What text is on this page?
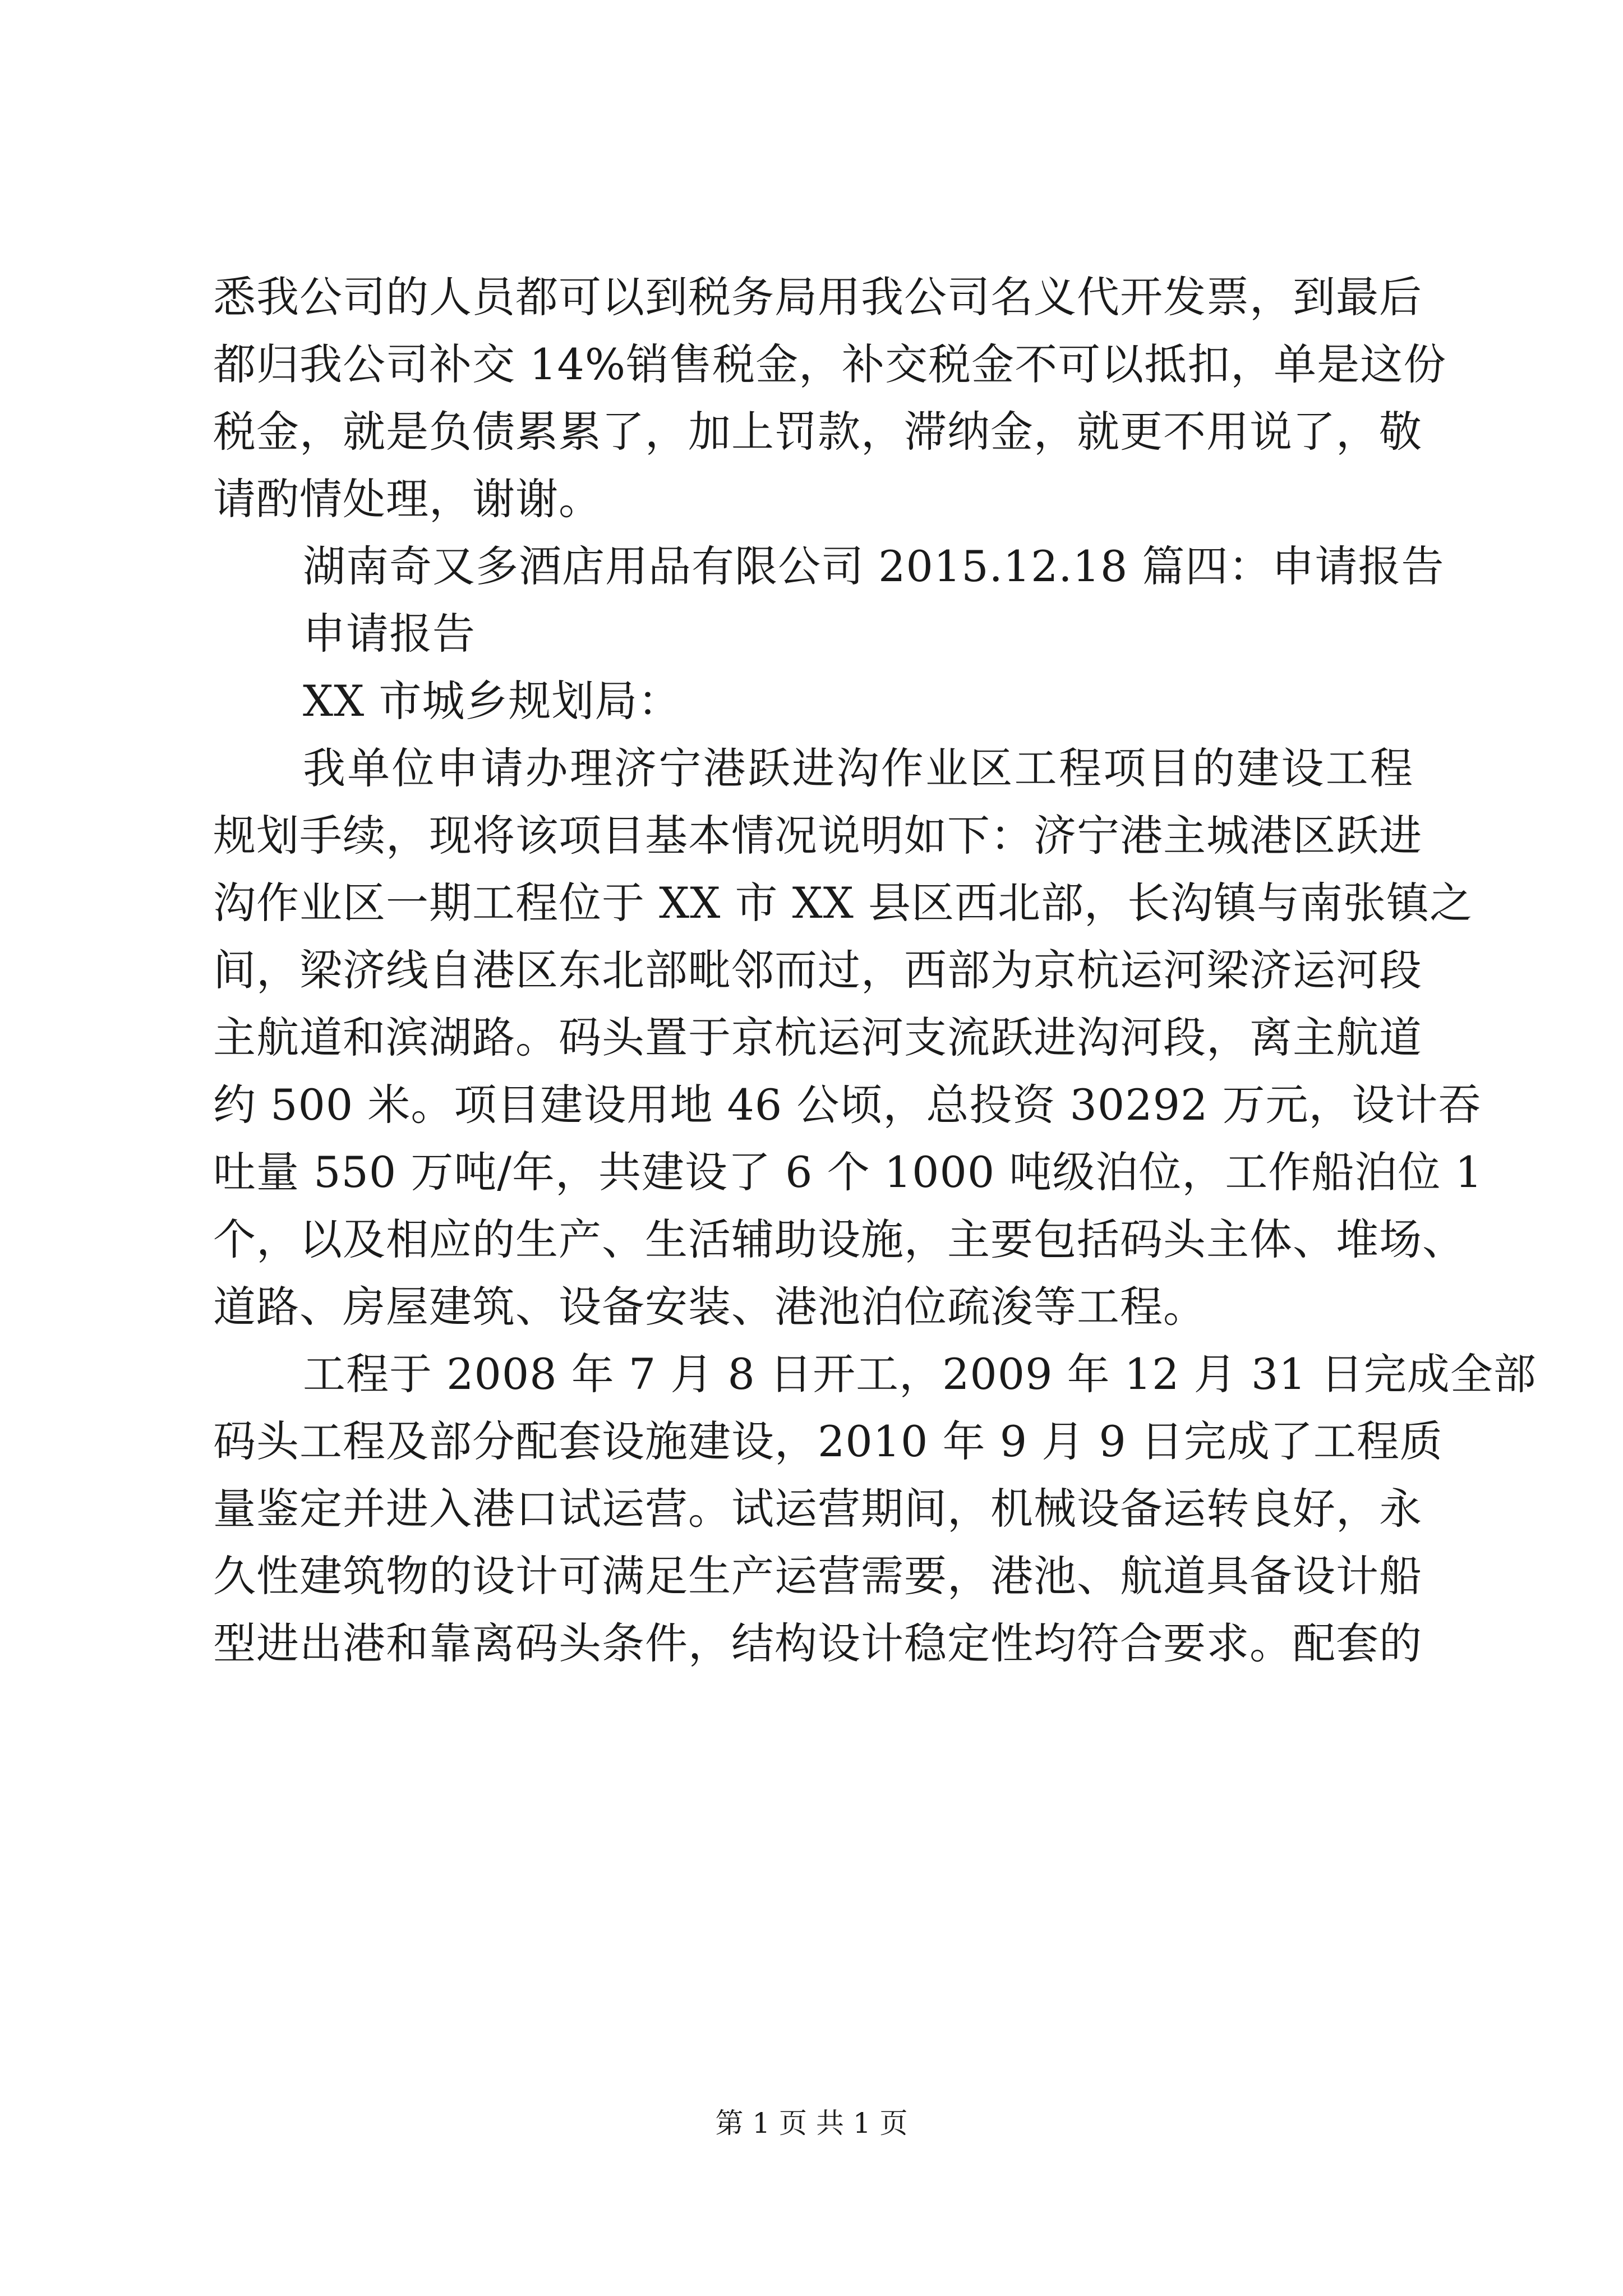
悉我公司的人员都可以到税务局用我公司名义代开发票，到最后
都归我公司补交 14%销售税金，补交税金不可以抵扣，单是这份
税金，就是负债累累了，加上罚款，滞纳金，就更不用说了，敬
请酌情处理，谢谢。
湖南奇又多酒店用品有限公司 2015.12.18 篇四：申请报告
申请报告
XX 市城乡规划局：
我单位申请办理济宁港跃进沟作业区工程项目的建设工程
规划手续，现将该项目基本情况说明如下：济宁港主城港区跃进
沟作业区一期工程位于 XX 市 XX 县区西北部，长沟镇与南张镇之
间，梁济线自港区东北部毗邻而过，西部为京杭运河梁济运河段
主航道和滨湖路。码头置于京杭运河支流跃进沟河段，离主航道
约 500 米。项目建设用地 46 公顷，总投资 30292 万元，设计吞
吐量 550 万吨/年，共建设了 6 个 1000 吨级泊位，工作船泊位 1
个，以及相应的生产、生活辅助设施，主要包括码头主体、堆场、
道路、房屋建筑、设备安装、港池泊位疏浚等工程。
工程于 2008 年 7 月 8 日开工，2009 年 12 月 31 日完成全部
码头工程及部分配套设施建设，2010 年 9 月 9 日完成了工程质
量鉴定并进入港口试运营。试运营期间，机械设备运转良好，永
久性建筑物的设计可满足生产运营需要，港池、航道具备设计船
型进出港和靠离码头条件，结构设计稳定性均符合要求。配套的
第 1 页 共 1 页
